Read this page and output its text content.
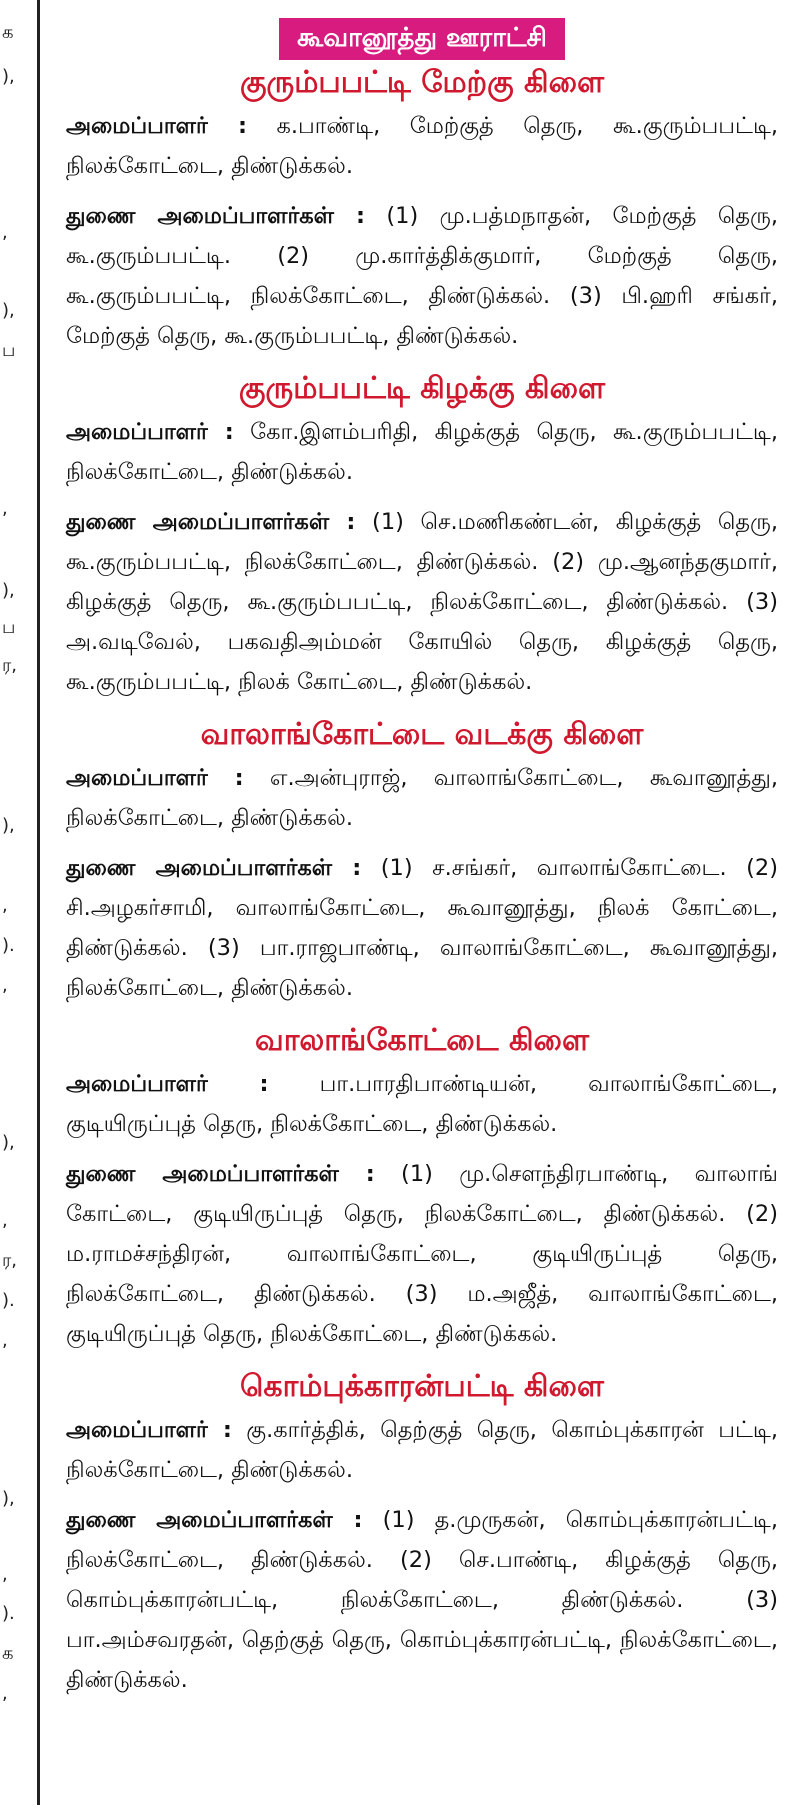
க
),
,
),
ப
,
),
ப
ர,
),
,
).
,
),
,
ர,
).
,
),
,
).
க
,
கூவானூத்து ஊராட்சி
குரும்பபட்டி மேற்கு கிளை

அமைப்பாளர் : க.பாண்டி, மேற்குத் தெரு, கூ.குரும்பபட்டி, நிலக்கோட்டை, திண்டுக்கல்.

துணை அமைப்பாளர்கள் : (1) மு.பத்மநாதன், மேற்குத் தெரு, கூ.குரும்பபட்டி. (2) மு.கார்த்திக்குமார், மேற்குத் தெரு, கூ.குரும்பபட்டி, நிலக்கோட்டை, திண்டுக்கல். (3) பி.ஹரி சங்கர், மேற்குத் தெரு, கூ.குரும்பபட்டி, திண்டுக்கல்.

குரும்பபட்டி கிழக்கு கிளை

அமைப்பாளர் : கோ.இளம்பரிதி, கிழக்குத் தெரு, கூ.குரும்பபட்டி, நிலக்கோட்டை, திண்டுக்கல்.

துணை அமைப்பாளர்கள் : (1) செ.மணிகண்டன், கிழக்குத் தெரு, கூ.குரும்பபட்டி, நிலக்கோட்டை, திண்டுக்கல். (2) மு.ஆனந்தகுமார், கிழக்குத் தெரு, கூ.குரும்பபட்டி, நிலக்கோட்டை, திண்டுக்கல். (3) அ.வடிவேல், பகவதிஅம்மன் கோயில் தெரு, கிழக்குத் தெரு, கூ.குரும்பபட்டி, நிலக் கோட்டை, திண்டுக்கல்.

வாலாங்கோட்டை வடக்கு கிளை

அமைப்பாளர் : எ.அன்புராஜ், வாலாங்கோட்டை, கூவானூத்து, நிலக்கோட்டை, திண்டுக்கல்.

துணை அமைப்பாளர்கள் : (1) ச.சங்கர், வாலாங்கோட்டை. (2) சி.அழகர்சாமி, வாலாங்கோட்டை, கூவானூத்து, நிலக் கோட்டை, திண்டுக்கல். (3) பா.ராஜபாண்டி, வாலாங்கோட்டை, கூவானூத்து, நிலக்கோட்டை, திண்டுக்கல்.

வாலாங்கோட்டை கிளை

அமைப்பாளர் : பா.பாரதிபாண்டியன், வாலாங்கோட்டை, குடியிருப்புத் தெரு, நிலக்கோட்டை, திண்டுக்கல்.

துணை அமைப்பாளர்கள் : (1) மு.செளந்திரபாண்டி, வாலாங் கோட்டை, குடியிருப்புத் தெரு, நிலக்கோட்டை, திண்டுக்கல். (2) ம.ராமச்சந்திரன், வாலாங்கோட்டை, குடியிருப்புத் தெரு, நிலக்கோட்டை, திண்டுக்கல். (3) ம.அஜீத், வாலாங்கோட்டை, குடியிருப்புத் தெரு, நிலக்கோட்டை, திண்டுக்கல்.

கொம்புக்காரன்பட்டி கிளை

அமைப்பாளர் : கு.கார்த்திக், தெற்குத் தெரு, கொம்புக்காரன் பட்டி, நிலக்கோட்டை, திண்டுக்கல்.

துணை அமைப்பாளர்கள் : (1) த.முருகன், கொம்புக்காரன்பட்டி, நிலக்கோட்டை, திண்டுக்கல். (2) செ.பாண்டி, கிழக்குத் தெரு, கொம்புக்காரன்பட்டி, நிலக்கோட்டை, திண்டுக்கல். (3) பா.அம்சவரதன், தெற்குத் தெரு, கொம்புக்காரன்பட்டி, நிலக்கோட்டை, திண்டுக்கல்.
